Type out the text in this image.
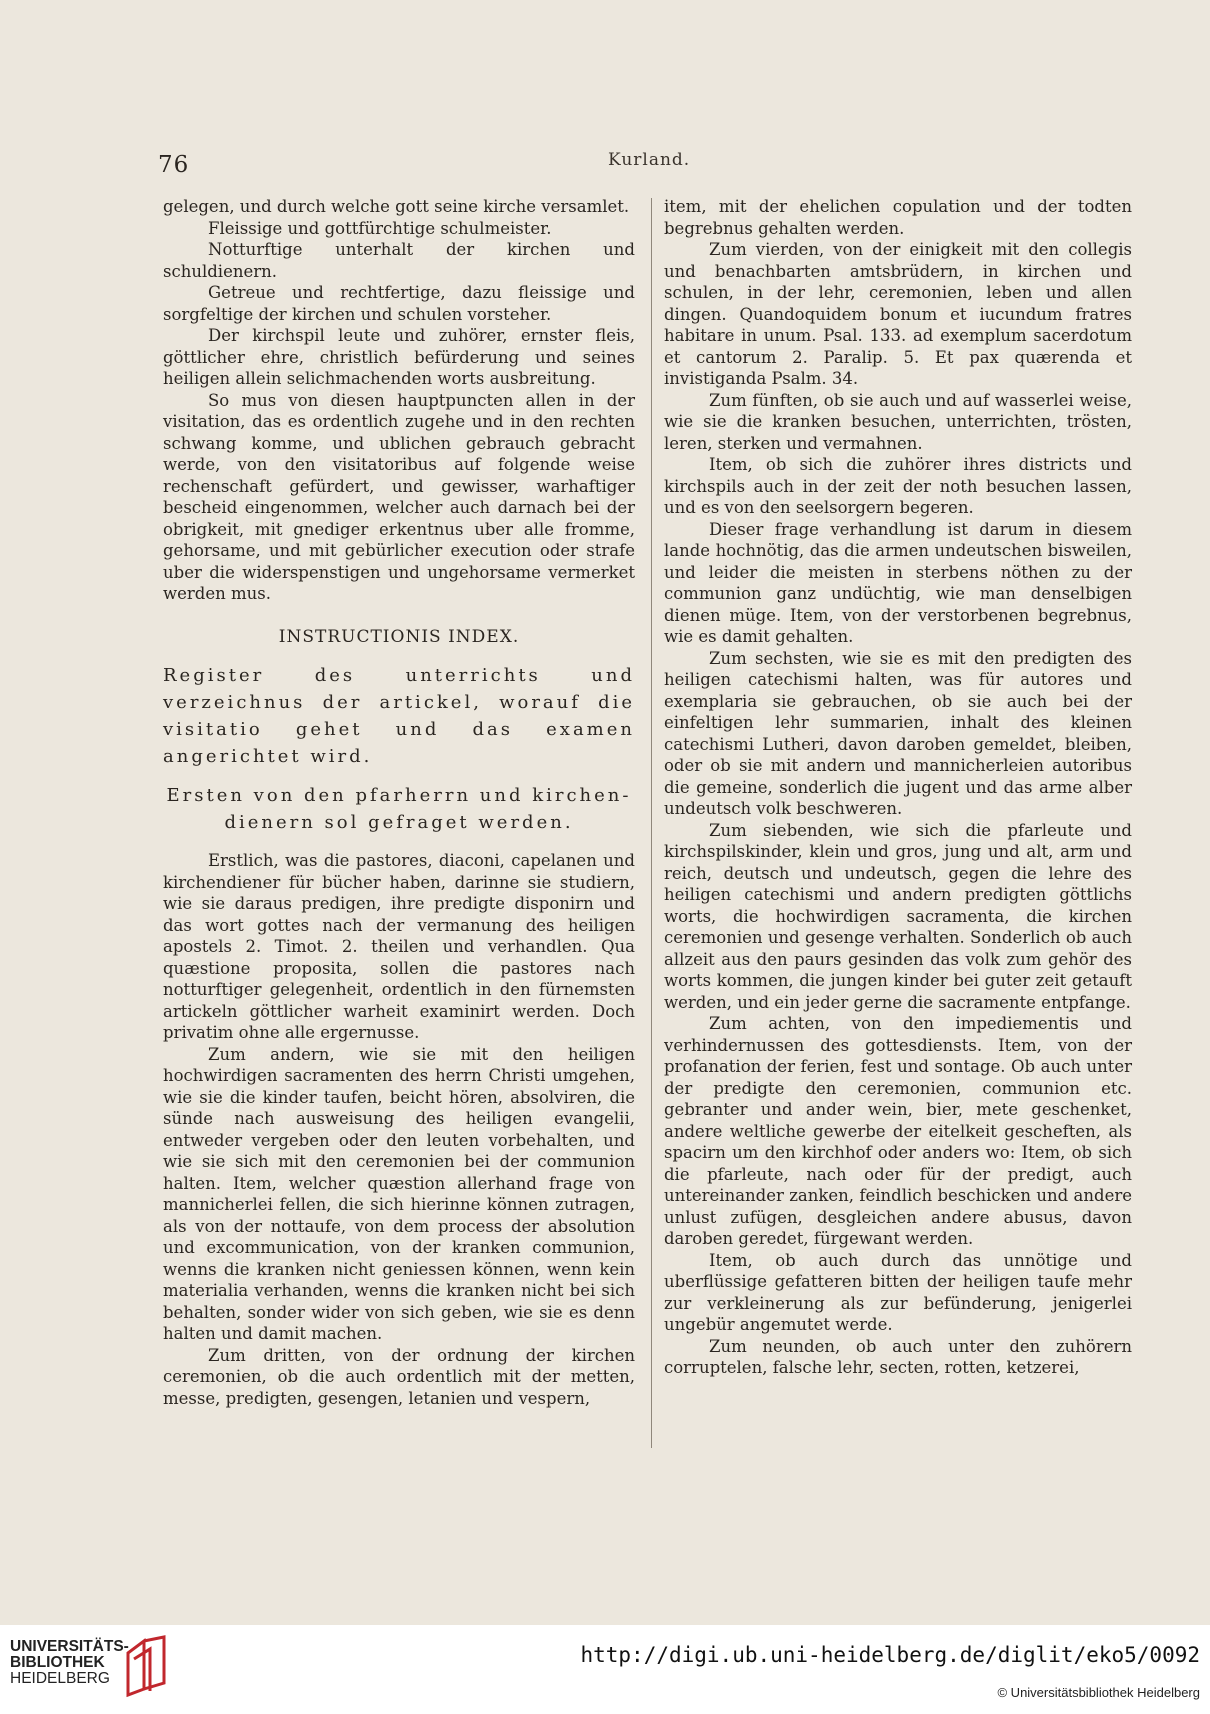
76	Kurland.

gelegen, und durch welche gott seine kirche versamlet.

Fleissige und gottfürchtige schulmeister.

Notturftige unterhalt der kirchen und schuldienern.

Getreue und rechtfertige, dazu fleissige und sorgfeltige der kirchen und schulen vorsteher.

Der kirchspil leute und zuhörer, ernster fleis, göttlicher ehre, christlich befürderung und seines heiligen allein selichmachenden worts ausbreitung.

So mus von diesen hauptpuncten allen in der visitation, das es ordentlich zugehe und in den rechten schwang komme, und ublichen gebrauch gebracht werde, von den visitatoribus auf folgende weise rechenschaft gefürdert, und gewisser, warhaftiger bescheid eingenommen, welcher auch darnach bei der obrigkeit, mit gnediger erkentnus uber alle fromme, gehorsame, und mit gebürlicher execution oder strafe uber die widerspenstigen und ungehorsame vermerket werden mus.

INSTRUCTIONIS INDEX.

Register des unterrichts und verzeichnus der artickel, worauf die visitatio gehet und das examen angerichtet wird.

Ersten von den pfarherrn und kirchen-
dienern sol gefraget werden.

Erstlich, was die pastores, diaconi, capelanen und kirchendiener für bücher haben, darinne sie studiern, wie sie daraus predigen, ihre predigte disponirn und das wort gottes nach der vermanung des heiligen apostels 2. Timot. 2. theilen und verhandlen. Qua quæstione proposita, sollen die pastores nach notturftiger gelegenheit, ordentlich in den fürnemsten artickeln göttlicher warheit examinirt werden. Doch privatim ohne alle ergernusse.

Zum andern, wie sie mit den heiligen hochwirdigen sacramenten des herrn Christi umgehen, wie sie die kinder taufen, beicht hören, absolviren, die sünde nach ausweisung des heiligen evangelii, entweder vergeben oder den leuten vorbehalten, und wie sie sich mit den ceremonien bei der communion halten. Item, welcher quæstion allerhand frage von mannicherlei fellen, die sich hierinne können zutragen, als von der nottaufe, von dem process der absolution und excommunication, von der kranken communion, wenns die kranken nicht geniessen können, wenn kein materialia verhanden, wenns die kranken nicht bei sich behalten, sonder wider von sich geben, wie sie es denn halten und damit machen.

Zum dritten, von der ordnung der kirchen ceremonien, ob die auch ordentlich mit der metten, messe, predigten, gesengen, letanien und vespern,

item, mit der ehelichen copulation und der todten begrebnus gehalten werden.

Zum vierden, von der einigkeit mit den collegis und benachbarten amtsbrüdern, in kirchen und schulen, in der lehr, ceremonien, leben und allen dingen. Quandoquidem bonum et iucundum fratres habitare in unum. Psal. 133. ad exemplum sacerdotum et cantorum 2. Paralip. 5. Et pax quærenda et invistiganda Psalm. 34.

Zum fünften, ob sie auch und auf wasserlei weise, wie sie die kranken besuchen, unterrichten, trösten, leren, sterken und vermahnen.

Item, ob sich die zuhörer ihres districts und kirchspils auch in der zeit der noth besuchen lassen, und es von den seelsorgern begeren.

Dieser frage verhandlung ist darum in diesem lande hochnötig, das die armen undeutschen bisweilen, und leider die meisten in sterbens nöthen zu der communion ganz undüchtig, wie man denselbigen dienen müge. Item, von der verstorbenen begrebnus, wie es damit gehalten.

Zum sechsten, wie sie es mit den predigten des heiligen catechismi halten, was für autores und exemplaria sie gebrauchen, ob sie auch bei der einfeltigen lehr summarien, inhalt des kleinen catechismi Lutheri, davon daroben gemeldet, bleiben, oder ob sie mit andern und mannicherleien autoribus die gemeine, sonderlich die jugent und das arme alber undeutsch volk beschweren.

Zum siebenden, wie sich die pfarleute und kirchspilskinder, klein und gros, jung und alt, arm und reich, deutsch und undeutsch, gegen die lehre des heiligen catechismi und andern predigten göttlichs worts, die hochwirdigen sacramenta, die kirchen ceremonien und gesenge verhalten. Sonderlich ob auch allzeit aus den paurs gesinden das volk zum gehör des worts kommen, die jungen kinder bei guter zeit getauft werden, und ein jeder gerne die sacramente entpfange.

Zum achten, von den impediementis und verhindernussen des gottesdiensts. Item, von der profanation der ferien, fest und sontage. Ob auch unter der predigte den ceremonien, communion etc. gebranter und ander wein, bier, mete geschenket, andere weltliche gewerbe der eitelkeit gescheften, als spacirn um den kirchhof oder anders wo: Item, ob sich die pfarleute, nach oder für der predigt, auch untereinander zanken, feindlich beschicken und andere unlust zufügen, desgleichen andere abusus, davon daroben geredet, fürgewant werden.

Item, ob auch durch das unnötige und uberflüssige gefatteren bitten der heiligen taufe mehr zur verkleinerung als zur befünderung, jenigerlei ungebür angemutet werde.

Zum neunden, ob auch unter den zuhörern corruptelen, falsche lehr, secten, rotten, ketzerei,

UNIVERSITÄTS-
BIBLIOTHEK
HEIDELBERG
http://digi.ub.uni-heidelberg.de/diglit/eko5/0092
© Universitätsbibliothek Heidelberg
